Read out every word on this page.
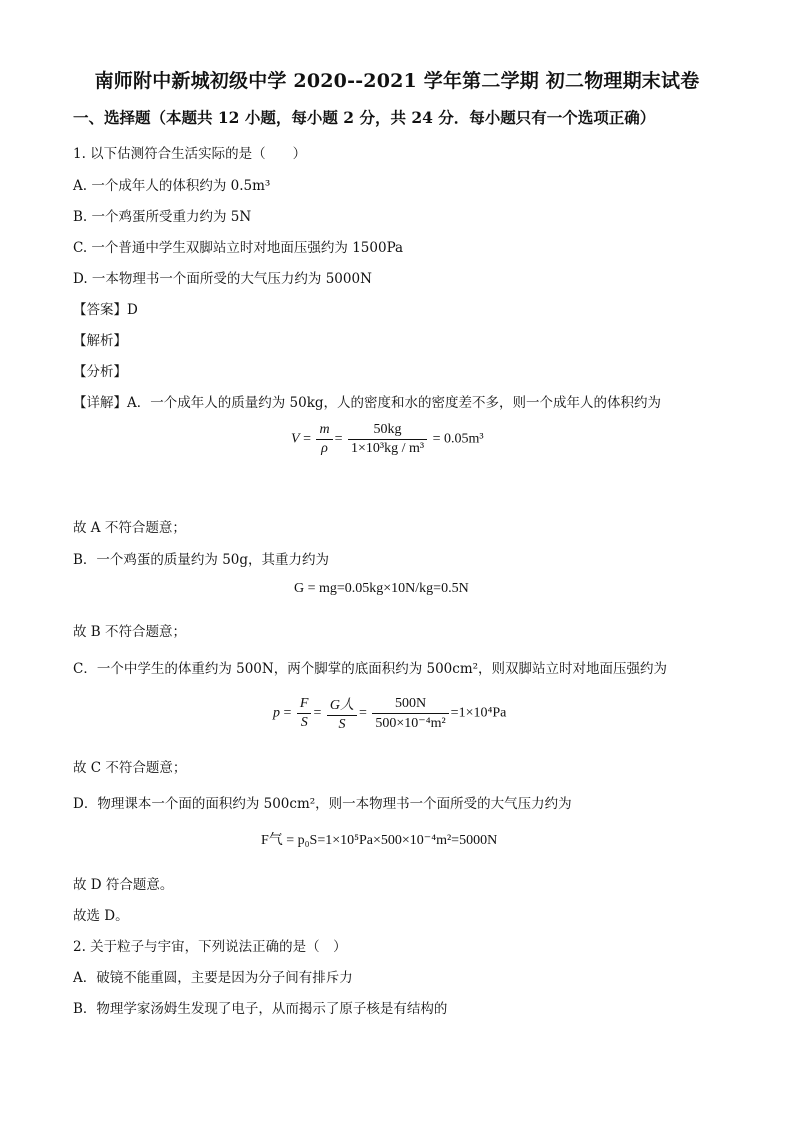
南师附中新城初级中学 2020--2021 学年第二学期 初二物理期末试卷
一、选择题（本题共 12 小题，每小题 2 分，共 24 分．每小题只有一个选项正确）
1. 以下估测符合生活实际的是（　　）
A. 一个成年人的体积约为 0.5m³
B. 一个鸡蛋所受重力约为 5N
C. 一个普通中学生双脚站立时对地面压强约为 1500Pa
D. 一本物理书一个面所受的大气压力约为 5000N
【答案】D
【解析】
【分析】
【详解】A．一个成年人的质量约为 50kg，人的密度和水的密度差不多，则一个成年人的体积约为
$V = \frac{m}{\rho} = \frac{50kg}{\text{1×10³kg / m³}} = 0.05m^3$
故 A 不符合题意；
B．一个鸡蛋的质量约为 50g，其重力约为
G = mg=0.05kg×10N/kg=0.5N
故 B 不符合题意；
C．一个中学生的体重约为 500N，两个脚掌的底面积约为 500cm²，则双脚站立时对地面压强约为
$p = \frac{F}{S} = \frac{\text{G人}}{S} = \frac{500N}{\text{500×10⁻⁴m²}} =1\times 10^4Pa$
故 C 不符合题意；
D．物理课本一个面的面积约为 500cm²，则一本物理书一个面所受的大气压力约为
F气 = p₀S=1×10⁵Pa×500×10⁻⁴m²=5000N
故 D 符合题意。
故选 D。
2. 关于粒子与宇宙，下列说法正确的是（　）
A．破镜不能重圆，主要是因为分子间有排斥力
B．物理学家汤姆生发现了电子，从而揭示了原子核是有结构的
